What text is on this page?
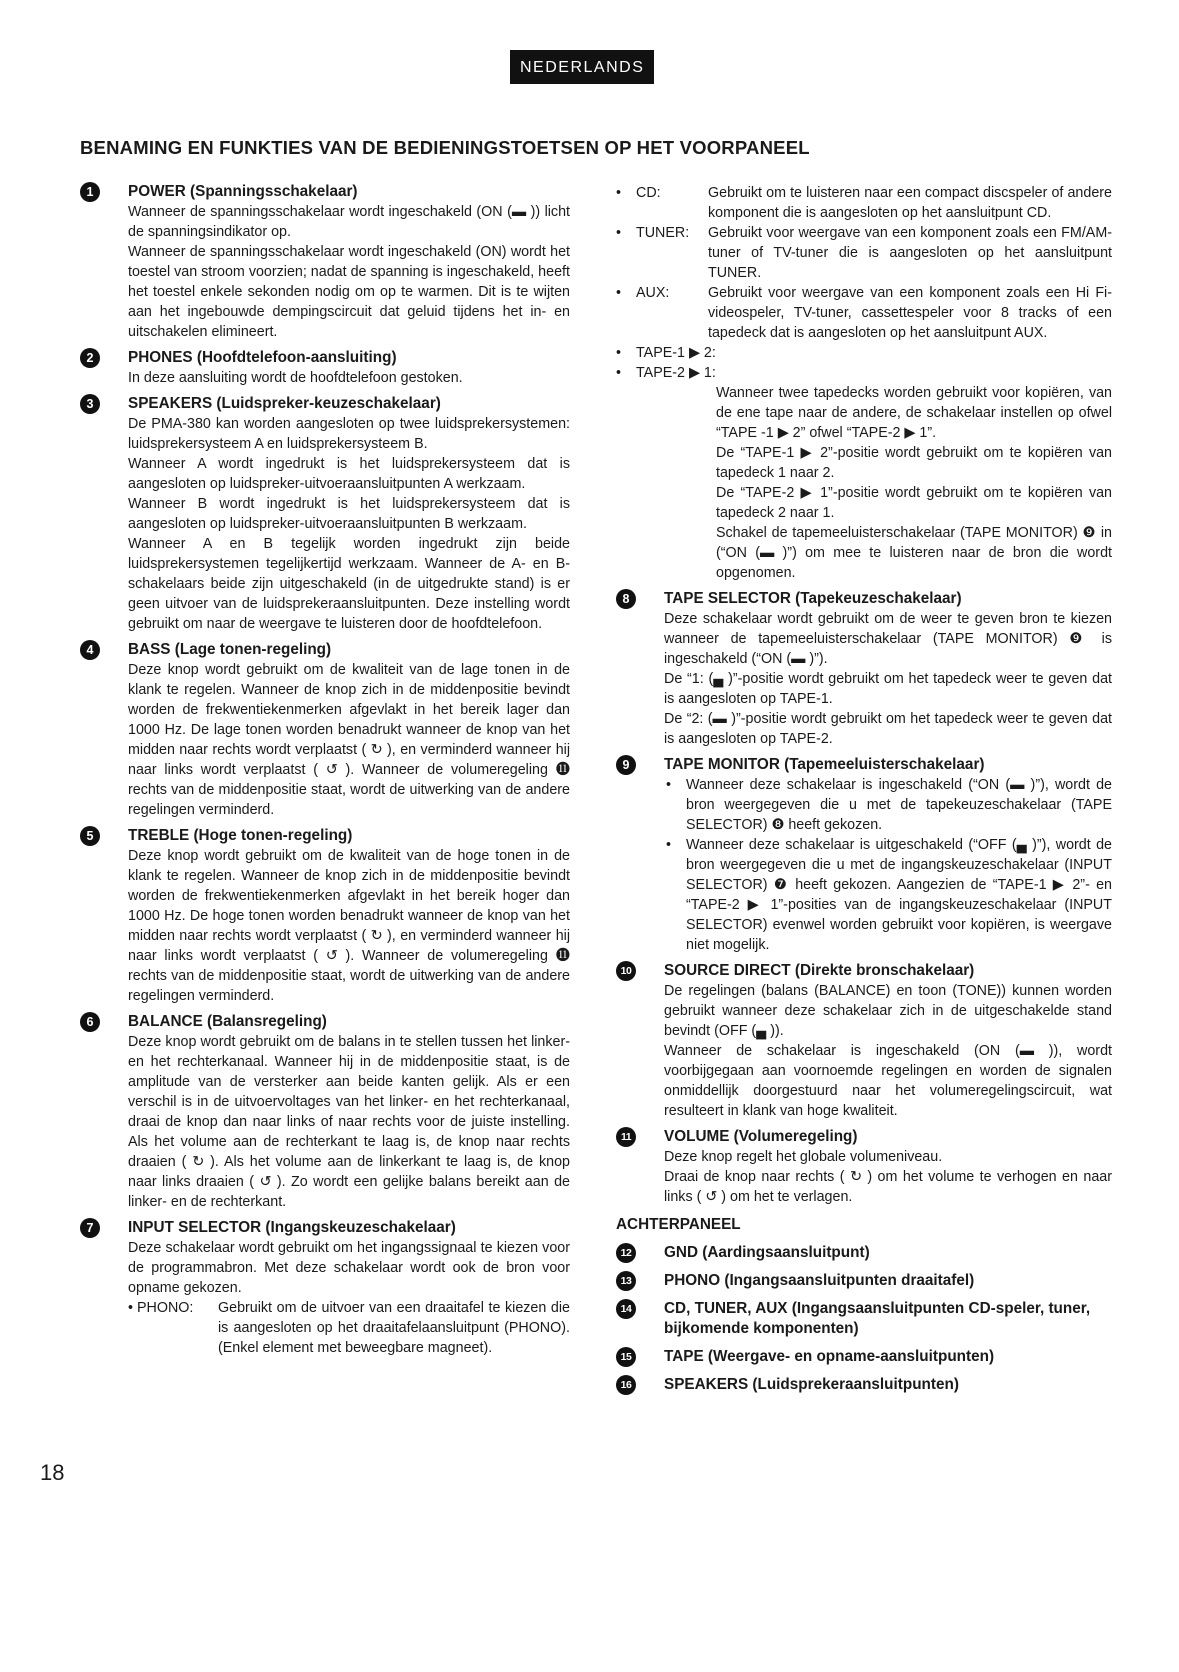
NEDERLANDS
BENAMING EN FUNKTIES VAN DE BEDIENINGSTOETSEN OP HET VOORPANEEL
1	POWER (Spanningsschakelaar)

Wanneer de spanningsschakelaar wordt ingeschakeld (ON (▬ )) licht de spanningsindikator op.

Wanneer de spanningsschakelaar wordt ingeschakeld (ON) wordt het toestel van stroom voorzien; nadat de spanning is ingeschakeld, heeft het toestel enkele sekonden nodig om op te warmen. Dit is te wijten aan het ingebouwde dempingscircuit dat geluid tijdens het in- en uitschakelen elimineert.

2	PHONES (Hoofdtelefoon-aansluiting)

In deze aansluiting wordt de hoofdtelefoon gestoken.

3	SPEAKERS (Luidspreker-keuzeschakelaar)

De PMA-380 kan worden aangesloten op twee luidsprekersystemen: luidsprekersysteem A en luidsprekersysteem B.

Wanneer A wordt ingedrukt is het luidsprekersysteem dat is aangesloten op luidspreker-uitvoeraansluitpunten A werkzaam.

Wanneer B wordt ingedrukt is het luidsprekersysteem dat is aangesloten op luidspreker-uitvoeraansluitpunten B werkzaam.

Wanneer A en B tegelijk worden ingedrukt zijn beide luidsprekersystemen tegelijkertijd werkzaam. Wanneer de A- en B-schakelaars beide zijn uitgeschakeld (in de uitgedrukte stand) is er geen uitvoer van de luidsprekeraansluitpunten. Deze instelling wordt gebruikt om naar de weergave te luisteren door de hoofdtelefoon.

4	BASS (Lage tonen-regeling)

Deze knop wordt gebruikt om de kwaliteit van de lage tonen in de klank te regelen. Wanneer de knop zich in de middenpositie bevindt worden de frekwentiekenmerken afgevlakt in het bereik lager dan 1000 Hz. De lage tonen worden benadrukt wanneer de knop van het midden naar rechts wordt verplaatst ( ↻ ), en verminderd wanneer hij naar links wordt verplaatst ( ↺ ). Wanneer de volumeregeling ⓫ rechts van de middenpositie staat, wordt de uitwerking van de andere regelingen verminderd.

5	TREBLE (Hoge tonen-regeling)

Deze knop wordt gebruikt om de kwaliteit van de hoge tonen in de klank te regelen. Wanneer de knop zich in de middenpositie bevindt worden de frekwentiekenmerken afgevlakt in het bereik hoger dan 1000 Hz. De hoge tonen worden benadrukt wanneer de knop van het midden naar rechts wordt verplaatst ( ↻ ), en verminderd wanneer hij naar links wordt verplaatst ( ↺ ). Wanneer de volumeregeling ⓫ rechts van de middenpositie staat, wordt de uitwerking van de andere regelingen verminderd.

6	BALANCE (Balansregeling)

Deze knop wordt gebruikt om de balans in te stellen tussen het linker- en het rechterkanaal. Wanneer hij in de middenpositie staat, is de amplitude van de versterker aan beide kanten gelijk. Als er een verschil is in de uitvoervoltages van het linker- en het rechterkanaal, draai de knop dan naar links of naar rechts voor de juiste instelling. Als het volume aan de rechterkant te laag is, de knop naar rechts draaien ( ↻ ). Als het volume aan de linkerkant te laag is, de knop naar links draaien ( ↺ ). Zo wordt een gelijke balans bereikt aan de linker- en de rechterkant.

7	INPUT SELECTOR (Ingangskeuzeschakelaar)

Deze schakelaar wordt gebruikt om het ingangssignaal te kiezen voor de programmabron. Met deze schakelaar wordt ook de bron voor opname gekozen.

• PHONO:	Gebruikt om de uitvoer van een draaitafel te kiezen die is aangesloten op het draaitafelaansluitpunt (PHONO). (Enkel element met beweegbare magneet).
•	CD:	Gebruikt om te luisteren naar een compact discspeler of andere komponent die is aangesloten op het aansluitpunt CD.
•	TUNER:	Gebruikt voor weergave van een komponent zoals een FM/AM-tuner of TV-tuner die is aangesloten op het aansluitpunt TUNER.
•	AUX:	Gebruikt voor weergave van een komponent zoals een Hi Fi-videospeler, TV-tuner, cassettespeler voor 8 tracks of een tapedeck dat is aangesloten op het aansluitpunt AUX.
•	TAPE-1 ▶ 2:
•	TAPE-2 ▶ 1:

Wanneer twee tapedecks worden gebruikt voor kopiëren, van de ene tape naar de andere, de schakelaar instellen op ofwel “TAPE -1 ▶ 2” ofwel “TAPE-2 ▶ 1”.

De “TAPE-1 ▶ 2”-positie wordt gebruikt om te kopiëren van tapedeck 1 naar 2.

De “TAPE-2 ▶ 1”-positie wordt gebruikt om te kopiëren van tapedeck 2 naar 1.

Schakel de tapemeeluisterschakelaar (TAPE MONITOR) ❾ in (“ON (▬ )”) om mee te luisteren naar de bron die wordt opgenomen.

8	TAPE SELECTOR (Tapekeuzeschakelaar)

Deze schakelaar wordt gebruikt om de weer te geven bron te kiezen wanneer de tapemeeluisterschakelaar (TAPE MONITOR) ❾ is ingeschakeld (“ON (▬ )”).

De “1: (▄ )”-positie wordt gebruikt om het tapedeck weer te geven dat is aangesloten op TAPE-1.

De “2: (▬ )”-positie wordt gebruikt om het tapedeck weer te geven dat is aangesloten op TAPE-2.

9	TAPE MONITOR (Tapemeeluisterschakelaar)
• Wanneer deze schakelaar is ingeschakeld (“ON (▬ )”), wordt de bron weergegeven die u met de tapekeuzeschakelaar (TAPE SELECTOR) ❽ heeft gekozen.
• Wanneer deze schakelaar is uitgeschakeld (“OFF (▄ )”), wordt de bron weergegeven die u met de ingangskeuzeschakelaar (INPUT SELECTOR) ❼ heeft gekozen. Aangezien de “TAPE-1 ▶ 2”- en “TAPE-2 ▶ 1”-posities van de ingangskeuzeschakelaar (INPUT SELECTOR) evenwel worden gebruikt voor kopiëren, is weergave niet mogelijk.
10	SOURCE DIRECT (Direkte bronschakelaar)

De regelingen (balans (BALANCE) en toon (TONE)) kunnen worden gebruikt wanneer deze schakelaar zich in de uitgeschakelde stand bevindt (OFF (▄ )).

Wanneer de schakelaar is ingeschakeld (ON (▬ )), wordt voorbijgegaan aan voornoemde regelingen en worden de signalen onmiddellijk doorgestuurd naar het volumeregelingscircuit, wat resulteert in klank van hoge kwaliteit.

11	VOLUME (Volumeregeling)

Deze knop regelt het globale volumeniveau.

Draai de knop naar rechts ( ↻ ) om het volume te verhogen en naar links ( ↺ ) om het te verlagen.

ACHTERPANEEL
12	GND (Aardingsaansluitpunt)
13	PHONO (Ingangsaansluitpunten draaitafel)
14	CD, TUNER, AUX (Ingangsaansluitpunten CD-speler, tuner, bijkomende komponenten)
15	TAPE (Weergave- en opname-aansluitpunten)
16	SPEAKERS (Luidsprekeraansluitpunten)
18
